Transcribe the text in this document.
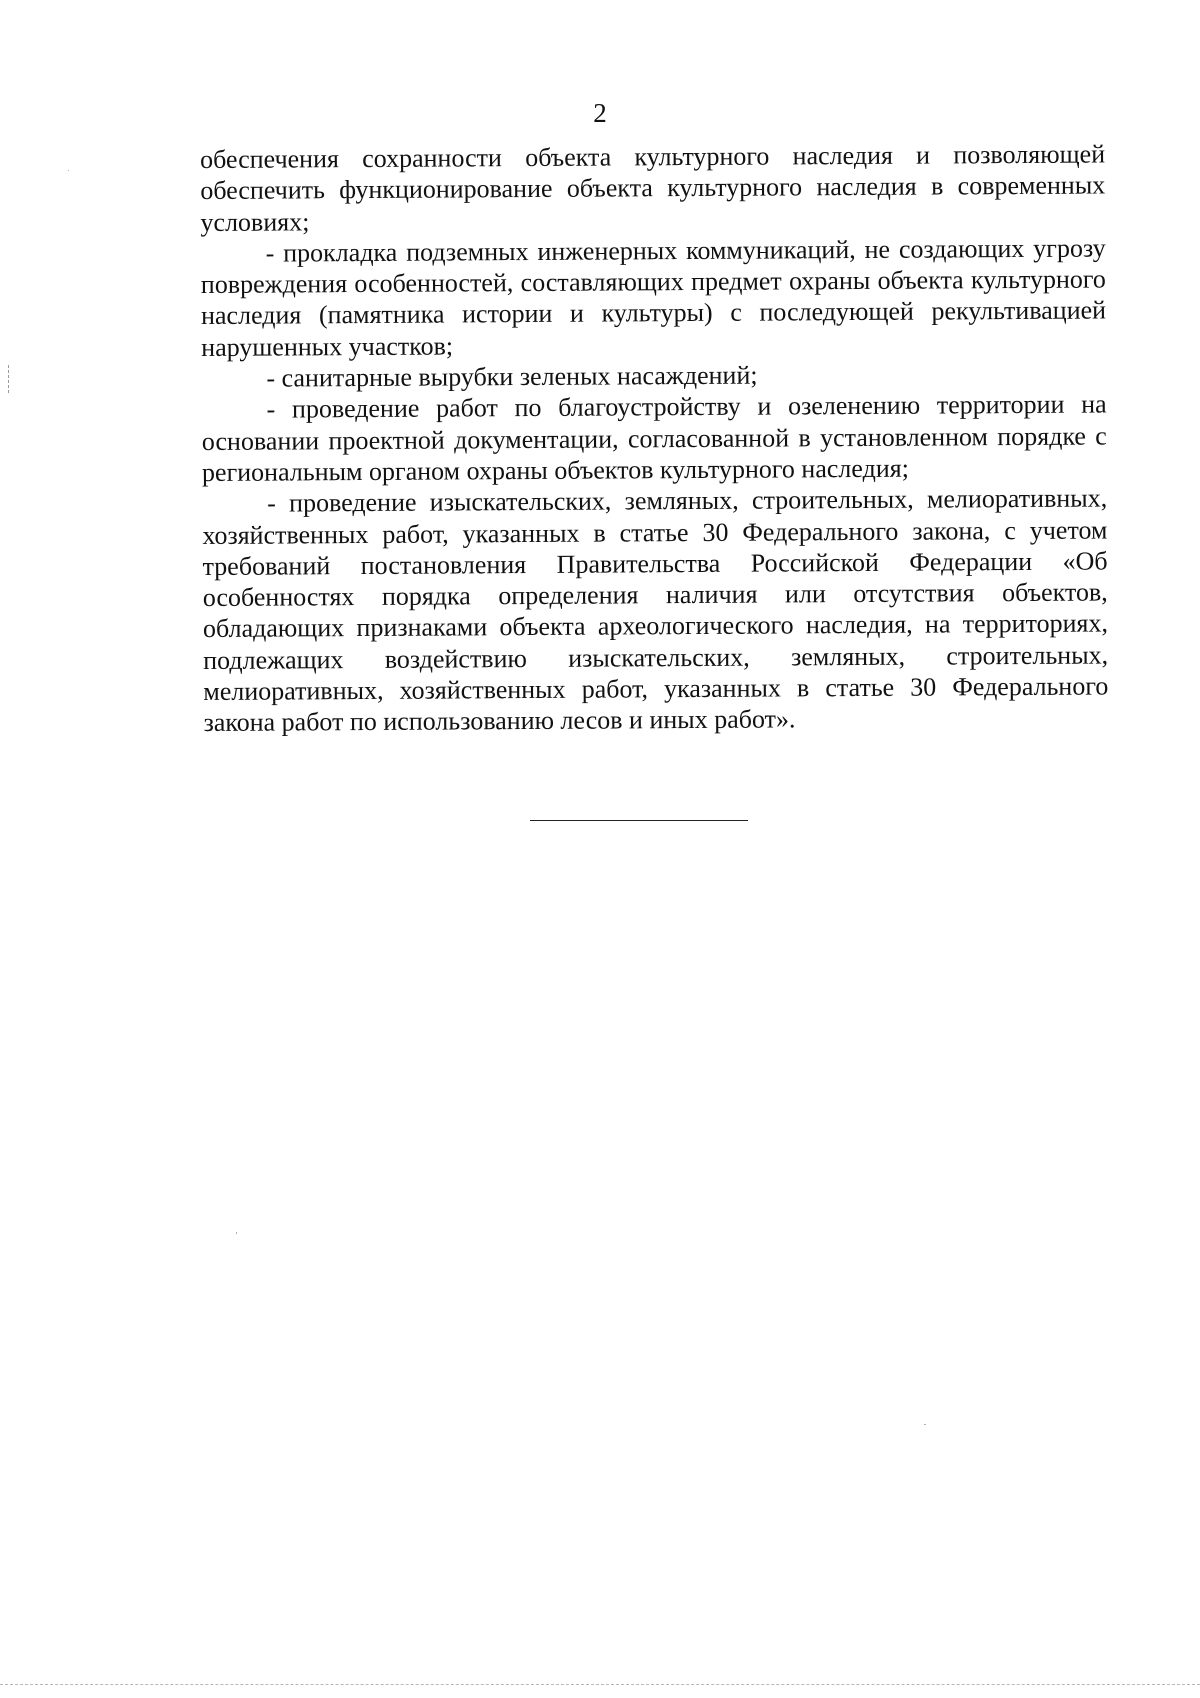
2

обеспечения сохранности объекта культурного наследия и позволяющей обеспечить функционирование объекта культурного наследия в современных условиях;

- прокладка подземных инженерных коммуникаций, не создающих угрозу повреждения особенностей, составляющих предмет охраны объекта культурного наследия (памятника истории и культуры) с последующей рекультивацией нарушенных участков;

- санитарные вырубки зеленых насаждений;

- проведение работ по благоустройству и озеленению территории на основании проектной документации, согласованной в установленном порядке с региональным органом охраны объектов культурного наследия;

- проведение изыскательских, земляных, строительных, мелиоративных, хозяйственных работ, указанных в статье 30 Федерального закона, с учетом требований постановления Правительства Российской Федерации «Об особенностях порядка определения наличия или отсутствия объектов, обладающих признаками объекта археологического наследия, на территориях, подлежащих воздействию изыскательских, земляных, строительных, мелиоративных, хозяйственных работ, указанных в статье 30 Федерального закона работ по использованию лесов и иных работ».
